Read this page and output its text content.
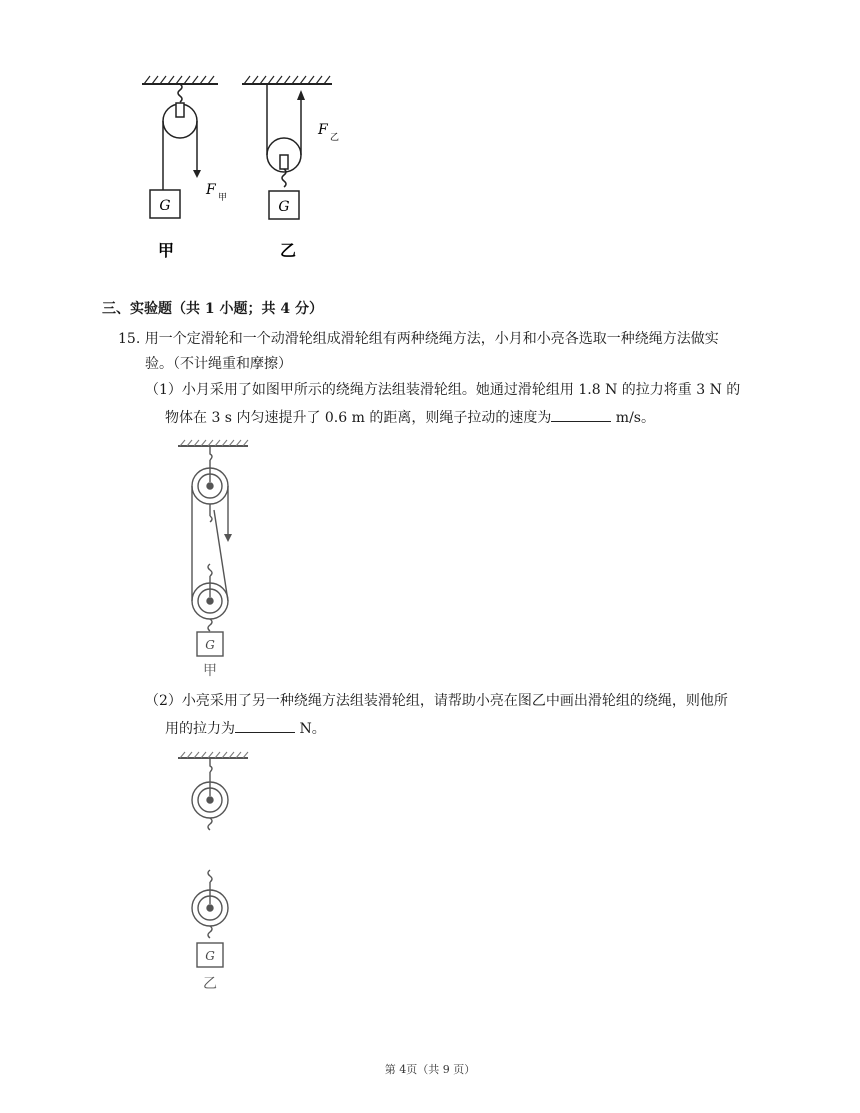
G
F 甲
G
F 乙
甲	乙
三、实验题（共 1 小题；共 4 分）
15. 用一个定滑轮和一个动滑轮组成滑轮组有两种绕绳方法，小月和小亮各选取一种绕绳方法做实
验。（不计绳重和摩擦）
（1）小月采用了如图甲所示的绕绳方法组装滑轮组。她通过滑轮组用 1.8 N 的拉力将重 3 N 的
物体在 3 s 内匀速提升了 0.6 m 的距离，则绳子拉动的速度为	m/s。
G
甲
（2）小亮采用了另一种绕绳方法组装滑轮组，请帮助小亮在图乙中画出滑轮组的绕绳，则他所
用的拉力为	N。
G
乙
第 4页（共 9 页）
